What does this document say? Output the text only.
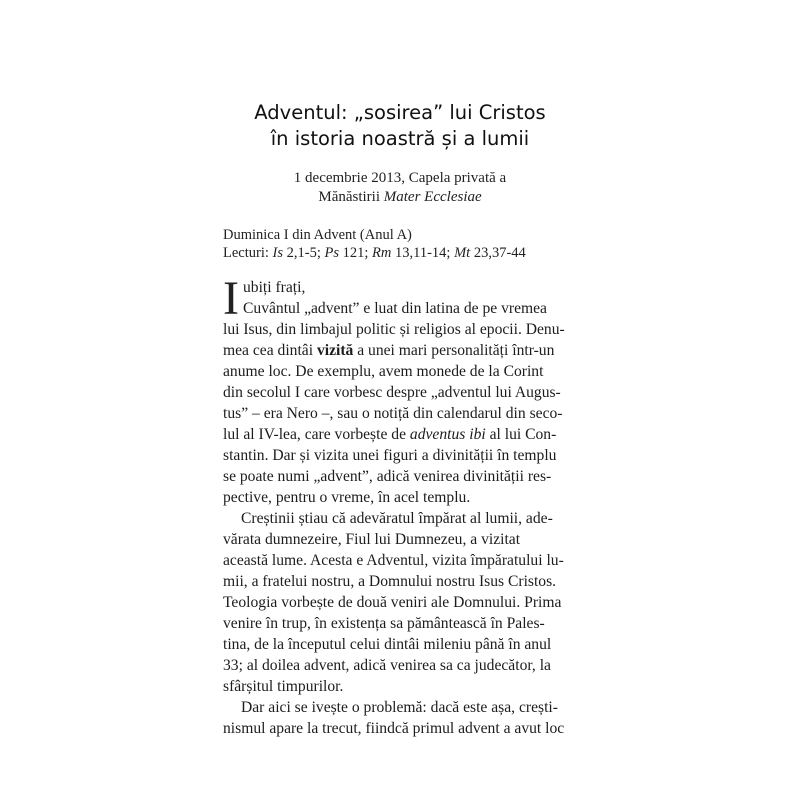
Adventul: „sosirea” lui Cristos
în istoria noastră și a lumii
1 decembrie 2013, Capela privată a
Mănăstirii Mater Ecclesiae
Duminica I din Advent (Anul A)
Lecturi: Is 2,1-5; Ps 121; Rm 13,11-14; Mt 23,37-44
I ubiți frați,
Cuvântul „advent” e luat din latina de pe vremea
lui Isus, din limbajul politic și religios al epocii. Denu-
mea cea dintâi vizită a unei mari personalități într-un
anume loc. De exemplu, avem monede de la Corint
din secolul I care vorbesc despre „adventul lui Augus-
tus” – era Nero –, sau o notiță din calendarul din seco-
lul al IV-lea, care vorbește de adventus ibi al lui Con-
stantin. Dar și vizita unei figuri a divinității în templu
se poate numi „advent”, adică venirea divinității res-
pective, pentru o vreme, în acel templu.
Creștinii știau că adevăratul împărat al lumii, ade-
vărata dumnezeire, Fiul lui Dumnezeu, a vizitat
această lume. Acesta e Adventul, vizita împăratului lu-
mii, a fratelui nostru, a Domnului nostru Isus Cristos.
Teologia vorbește de două veniri ale Domnului. Prima
venire în trup, în existența sa pământească în Pales-
tina, de la începutul celui dintâi mileniu până în anul
33; al doilea advent, adică venirea sa ca judecător, la
sfârșitul timpurilor.
Dar aici se ivește o problemă: dacă este așa, crești-
nismul apare la trecut, fiindcă primul advent a avut loc
